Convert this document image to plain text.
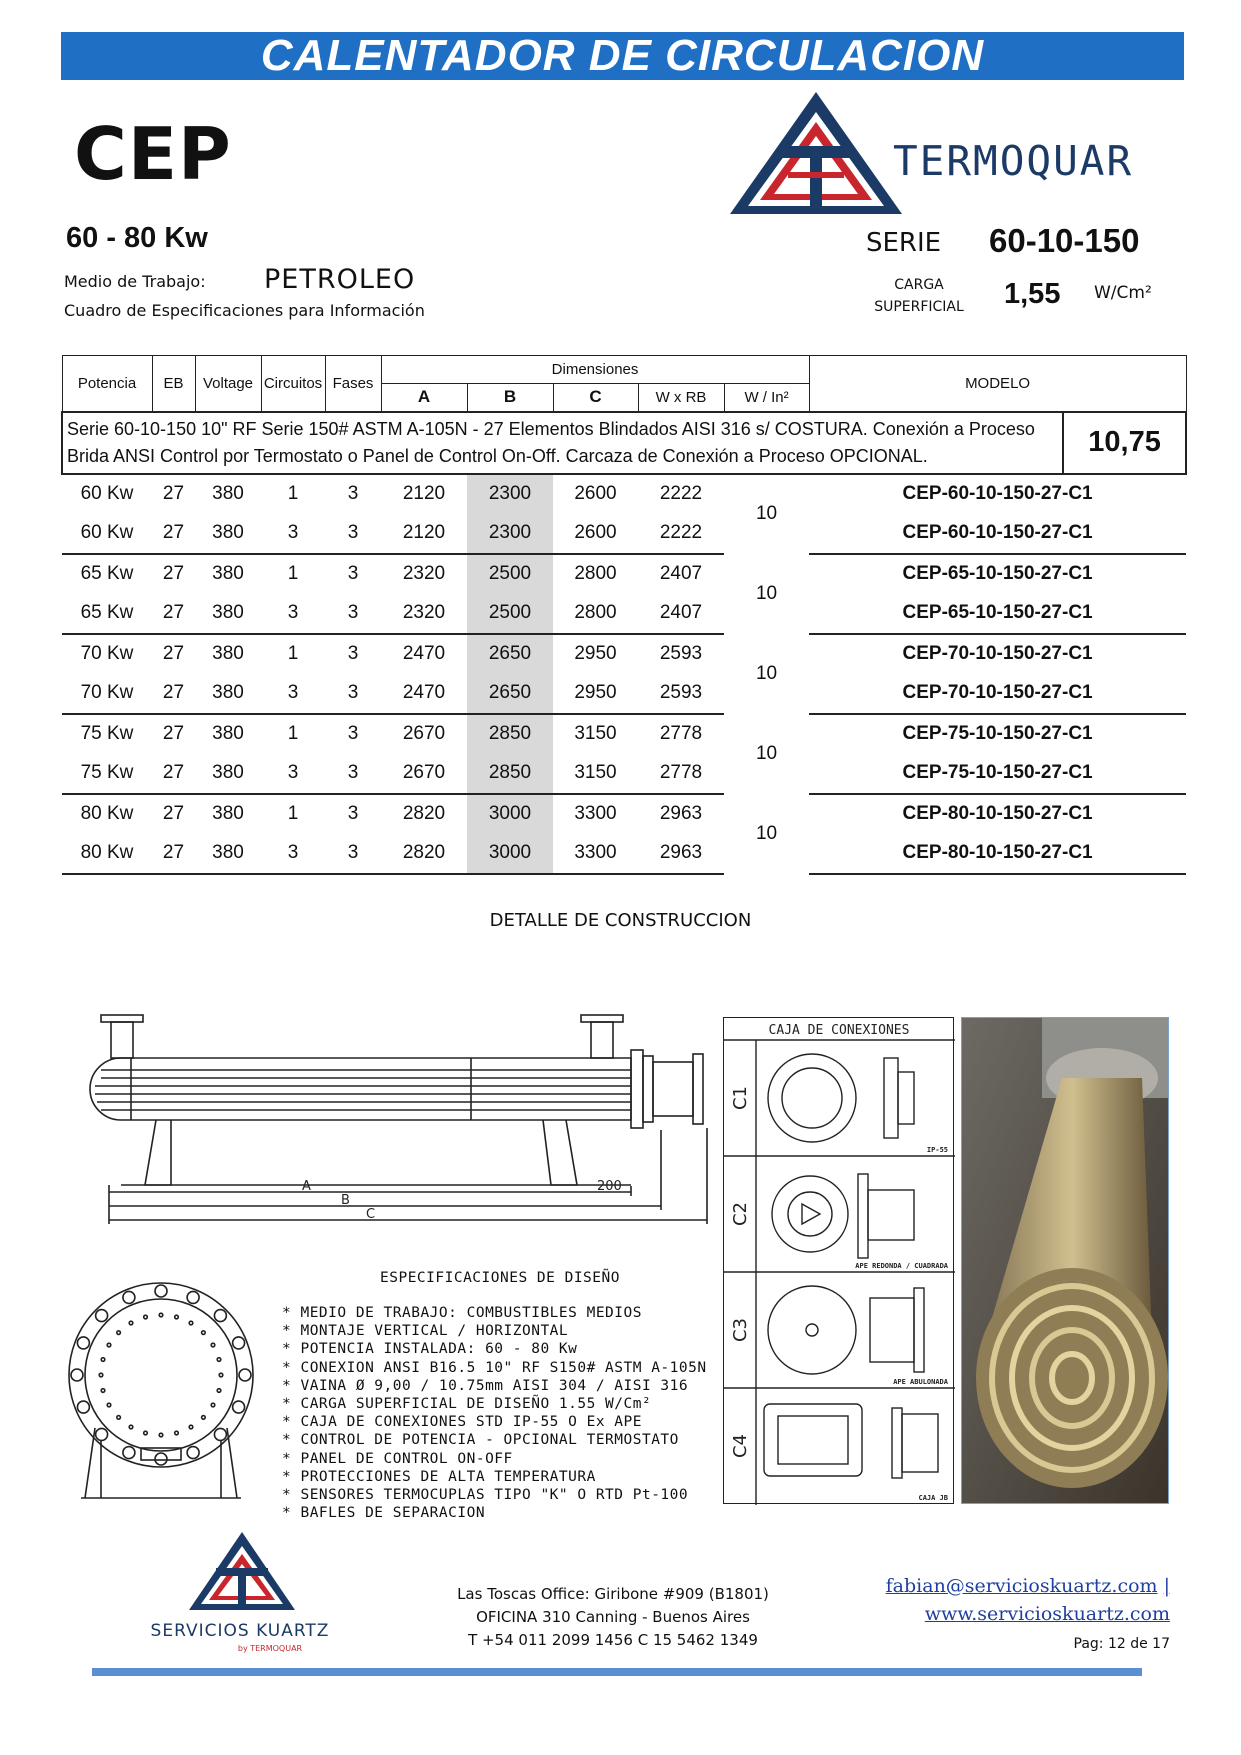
CALENTADOR DE CIRCULACION
CEP
60 - 80 Kw
Medio de Trabajo: PETROLEO
Cuadro de Especificaciones para Información
TERMOQUAR
SERIE 60-10-150
CARGA
SUPERFICIAL	1,55 W/Cm²
Potencia	EB	Voltage	Circuitos	Fases	Dimensiones					MODELO	
					A	B	C	W x RB	W / In²		
Serie 60-10-150 10" RF Serie 150# ASTM A-105N - 27 Elementos Blindados AISI 316 s/ COSTURA. Conexión a Proceso Brida ANSI Control por Termostato o Panel de Control On-Off. Carcaza de Conexión a Proceso OPCIONAL.											10,75
60 Kw	27	380	1	3	2120	2300	2600	2222	10	CEP-60-10-150-27-C1	
60 Kw	27	380	3	3	2120	2300	2600	2222		CEP-60-10-150-27-C1	
65 Kw	27	380	1	3	2320	2500	2800	2407	10	CEP-65-10-150-27-C1	
65 Kw	27	380	3	3	2320	2500	2800	2407		CEP-65-10-150-27-C1	
70 Kw	27	380	1	3	2470	2650	2950	2593	10	CEP-70-10-150-27-C1	
70 Kw	27	380	3	3	2470	2650	2950	2593		CEP-70-10-150-27-C1	
75 Kw	27	380	1	3	2670	2850	3150	2778	10	CEP-75-10-150-27-C1	
75 Kw	27	380	3	3	2670	2850	3150	2778		CEP-75-10-150-27-C1	
80 Kw	27	380	1	3	2820	3000	3300	2963	10	CEP-80-10-150-27-C1	
80 Kw	27	380	3	3	2820	3000	3300	2963		CEP-80-10-150-27-C1	
DETALLE DE CONSTRUCCION
A
B
C
200
ESPECIFICACIONES DE DISEÑO
* MEDIO DE TRABAJO: COMBUSTIBLES MEDIOS
* MONTAJE VERTICAL / HORIZONTAL
* POTENCIA INSTALADA: 60 - 80 Kw
* CONEXION ANSI B16.5 10" RF S150# ASTM A-105N
* VAINA Ø 9,00 / 10.75mm AISI 304 / AISI 316
* CARGA SUPERFICIAL DE DISEÑO 1.55 W/Cm²
* CAJA DE CONEXIONES STD IP-55 O Ex APE
* CONTROL DE POTENCIA - OPCIONAL TERMOSTATO
* PANEL DE CONTROL ON-OFF
* PROTECCIONES DE ALTA TEMPERATURA
* SENSORES TERMOCUPLAS TIPO "K" O RTD Pt-100
* BAFLES DE SEPARACION
CAJA DE CONEXIONES
IP-55
APE REDONDA / CUADRADA
APE ABULONADA
CAJA JB
C1
C2
C3
C4
SERVICIOS KUARTZ
by TERMOQUAR
Las Toscas Office: Giribone #909 (B1801)
OFICINA 310 Canning - Buenos Aires
T +54 011 2099 1456 C 15 5462 1349
fabian@servicioskuartz.com |
www.servicioskuartz.com
Pag: 12 de 17
